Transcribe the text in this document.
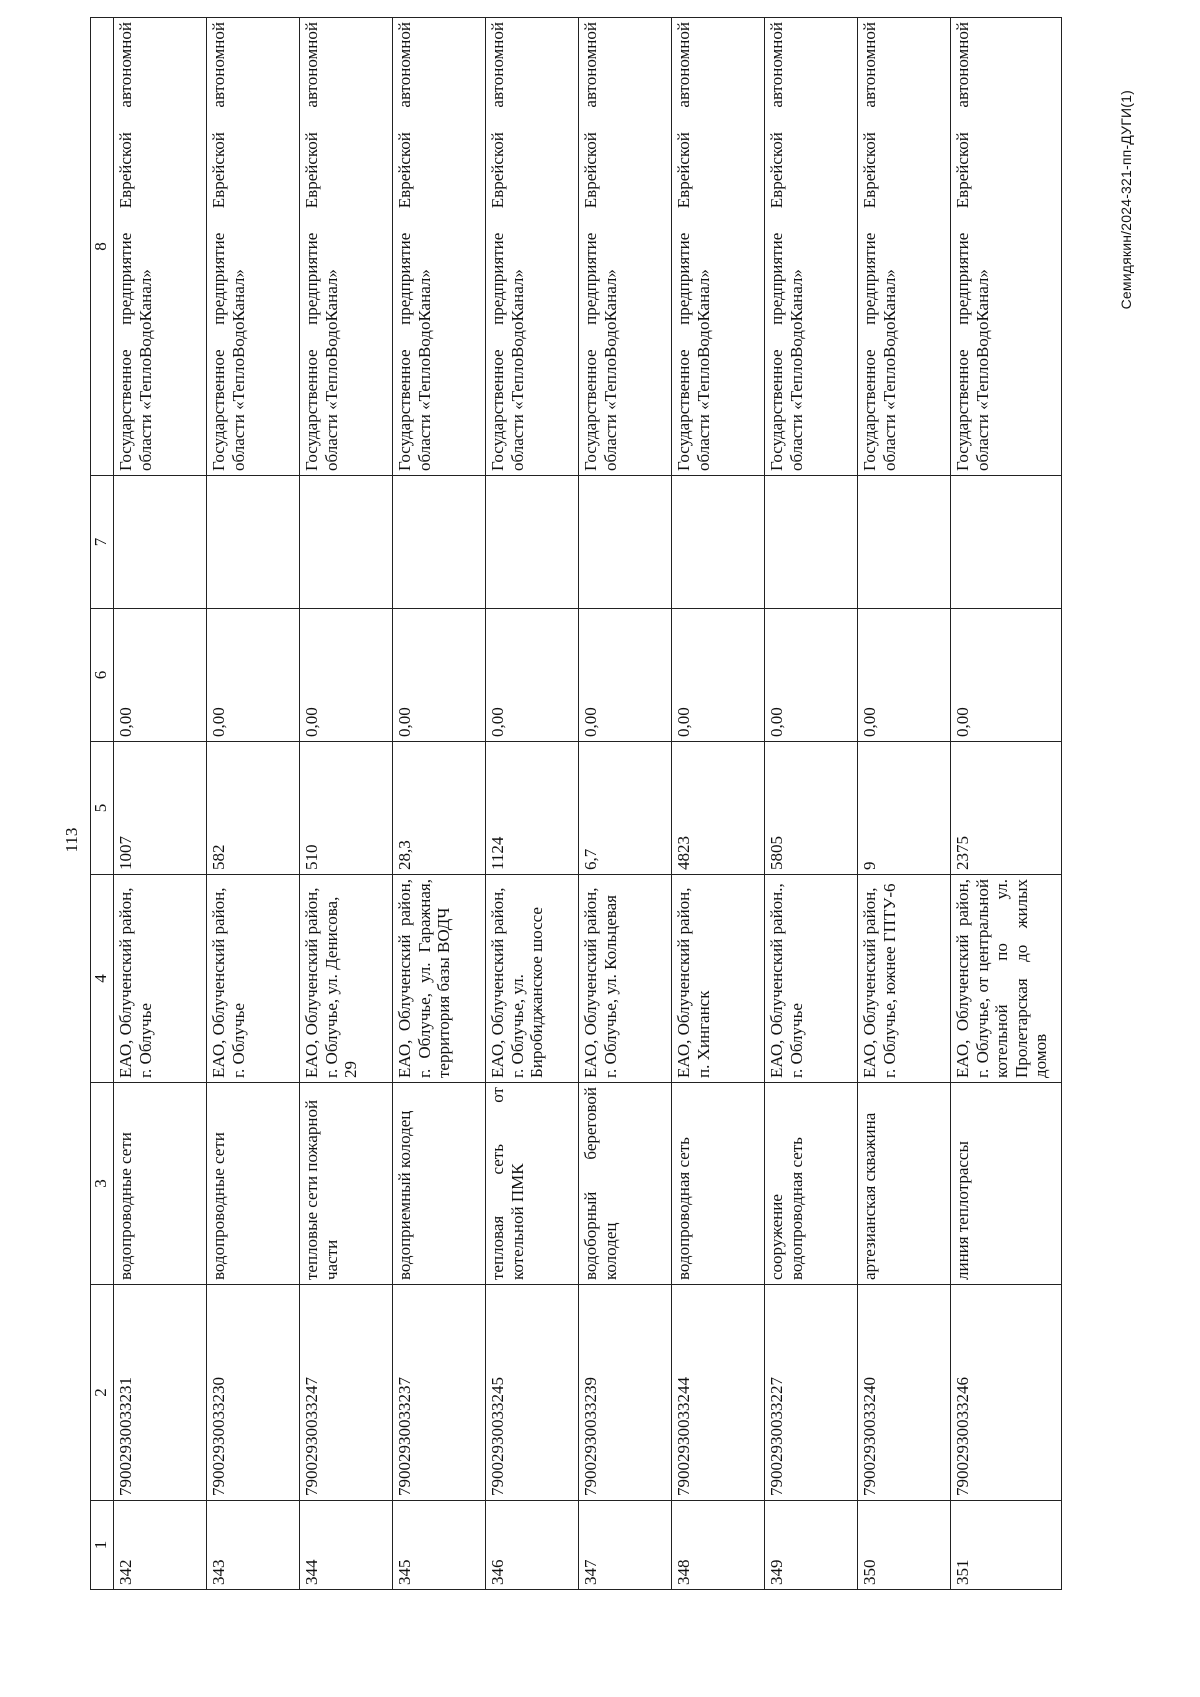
113
1	2	3	4	5	6	7	8
342	79002930033231	водопроводные сети	ЕАО, Облученский район, г. Облучье	1007	0,00		Государственное предприятие Еврейской автономной области «ТеплоВодоКанал»
343	79002930033230	водопроводные сети	ЕАО, Облученский район, г. Облучье	582	0,00		Государственное предприятие Еврейской автономной области «ТеплоВодоКанал»
344	79002930033247	тепловые сети пожарной части	ЕАО, Облученский район, г. Облучье, ул. Денисова, 29	510	0,00		Государственное предприятие Еврейской автономной области «ТеплоВодоКанал»
345	79002930033237	водоприемный колодец	ЕАО, Облученский район, г. Облучье, ул. Гаражная, территория базы ВОДЧ	28,3	0,00		Государственное предприятие Еврейской автономной области «ТеплоВодоКанал»
346	79002930033245	тепловая сеть от котельной ПМК	ЕАО, Облученский район, г. Облучье, ул. Биробиджанское шоссе	1124	0,00		Государственное предприятие Еврейской автономной области «ТеплоВодоКанал»
347	79002930033239	водоборный береговой колодец	ЕАО, Облученский район, г. Облучье, ул. Кольцевая	6,7	0,00		Государственное предприятие Еврейской автономной области «ТеплоВодоКанал»
348	79002930033244	водопроводная сеть	ЕАО, Облученский район, п. Хинганск	4823	0,00		Государственное предприятие Еврейской автономной области «ТеплоВодоКанал»
349	79002930033227	сооружение водопроводная сеть	ЕАО, Облученский район., г. Облучье	5805	0,00		Государственное предприятие Еврейской автономной области «ТеплоВодоКанал»
350	79002930033240	артезианская скважина	ЕАО, Облученский район, г. Облучье, южнее ГПТУ-6	9	0,00		Государственное предприятие Еврейской автономной области «ТеплоВодоКанал»
351	79002930033246	линия теплотрассы	ЕАО, Облученский район, г. Облучье, от центральной котельной по ул. Пролетарская до жилых домов	2375	0,00		Государственное предприятие Еврейской автономной области «ТеплоВодоКанал»
Семидякин/2024-321-пп-ДУГИ(1)
